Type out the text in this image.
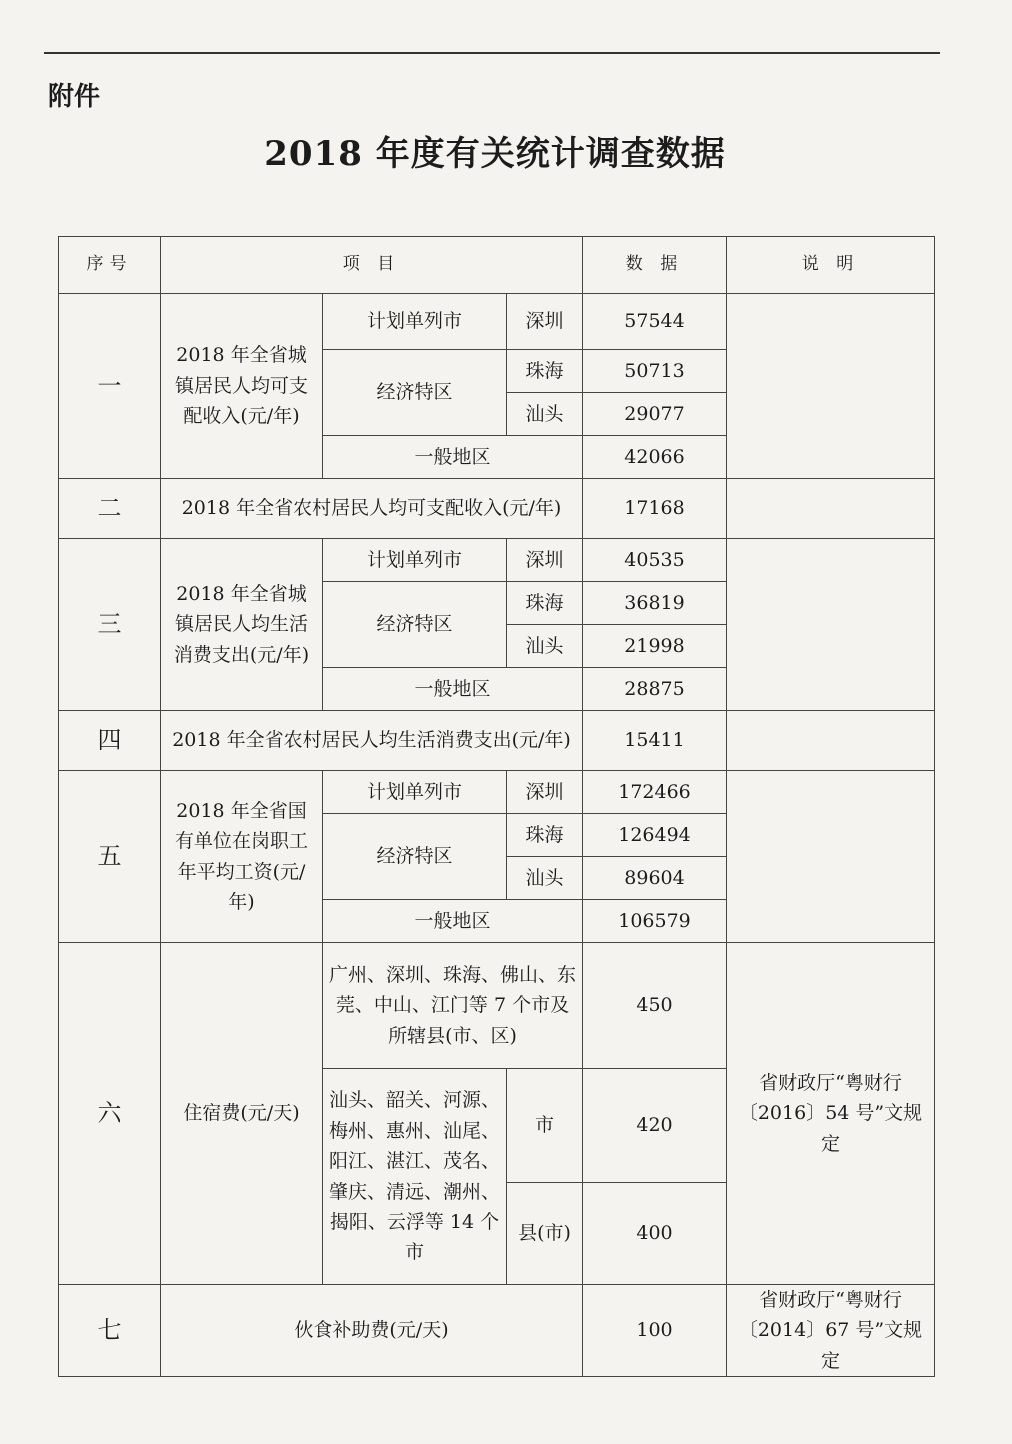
附件
2018 年度有关统计调查数据
序号	项 目			数 据	说 明
一	2018 年全省城镇居民人均可支配收入(元/年)	计划单列市	深圳	57544	
		经济特区	珠海	50713	
			汕头	29077	
		一般地区		42066	
二	2018 年全省农村居民人均可支配收入(元/年)			17168	
三	2018 年全省城镇居民人均生活消费支出(元/年)	计划单列市	深圳	40535	
		经济特区	珠海	36819	
			汕头	21998	
		一般地区		28875	
四	2018 年全省农村居民人均生活消费支出(元/年)			15411	
五	2018 年全省国有单位在岗职工年平均工资(元/年)	计划单列市	深圳	172466	
		经济特区	珠海	126494	
			汕头	89604	
		一般地区		106579	
六	住宿费(元/天)	广州、深圳、珠海、佛山、东莞、中山、江门等 7 个市及所辖县(市、区)		450	省财政厅“粤财行〔2016〕54 号”文规定
		汕头、韶关、河源、梅州、惠州、汕尾、阳江、湛江、茂名、肇庆、清远、潮州、揭阳、云浮等 14 个市	市	420	
			县(市)	400	
七	伙食补助费(元/天)			100	省财政厅“粤财行〔2014〕67 号”文规定
